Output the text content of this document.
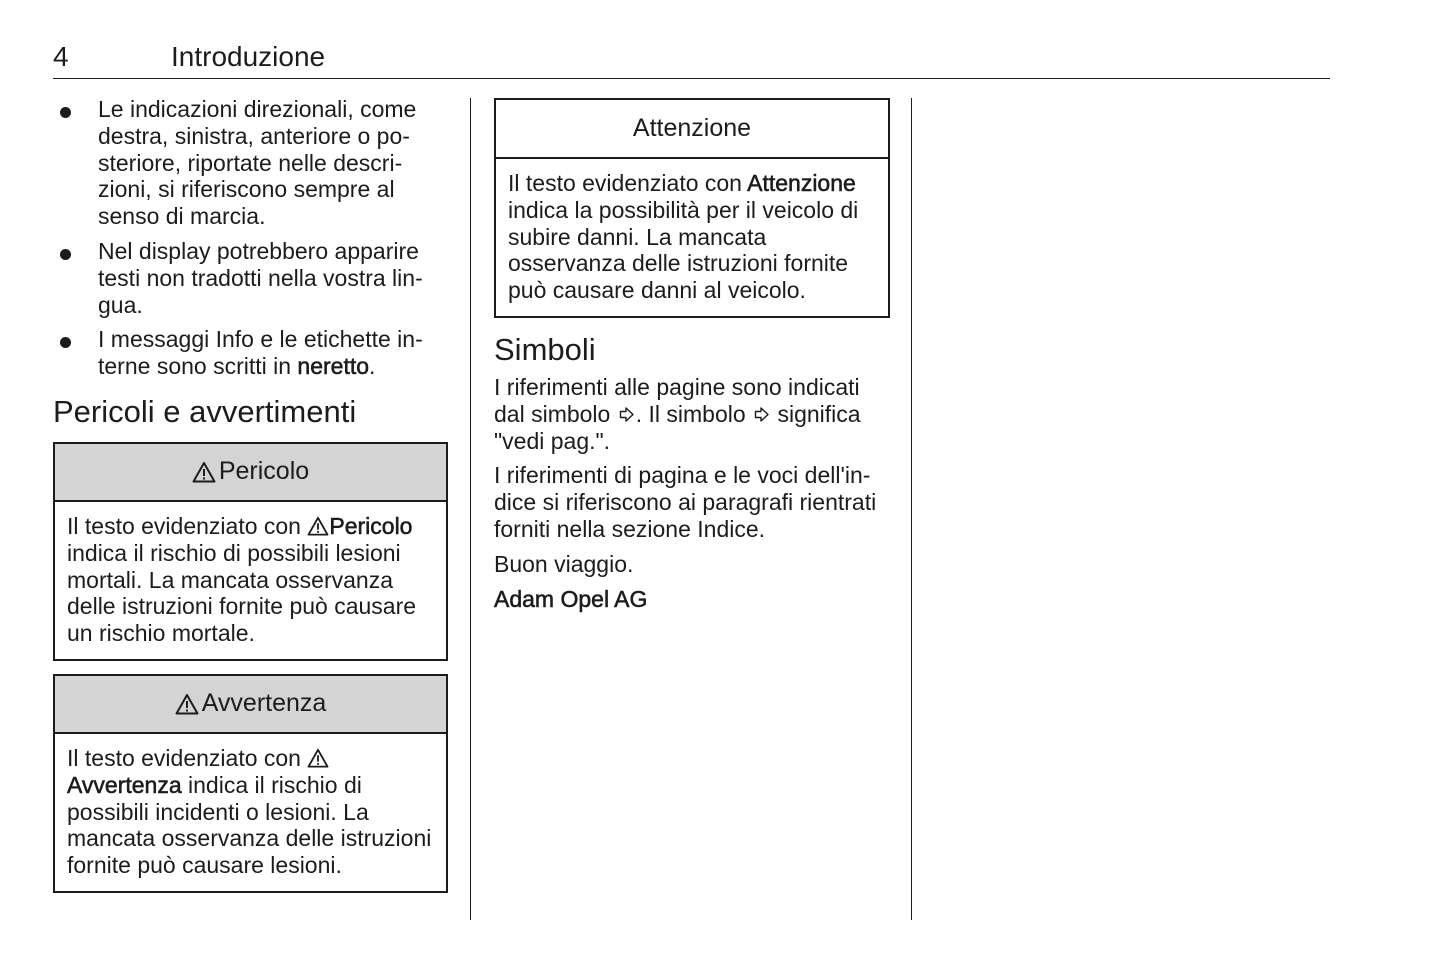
4	Introduzione
Le indicazioni direzionali, come destra, sinistra, anteriore o posteriore, riportate nelle descrizioni, si riferiscono sempre al senso di marcia.
Nel display potrebbero apparire testi non tradotti nella vostra lingua.
I messaggi Info e le etichette interne sono scritti in neretto.
Pericoli e avvertimenti
Pericolo

Il testo evidenziato con Pericolo indica il rischio di possibili lesioni mortali. La mancata osservanza delle istruzioni fornite può causare un rischio mortale.

Avvertenza

Il testo evidenziato con Avvertenza indica il rischio di possibili incidenti o lesioni. La mancata osservanza delle istruzioni fornite può causare lesioni.

Attenzione

Il testo evidenziato con Attenzione indica la possibilità per il veicolo di subire danni. La mancata osservanza delle istruzioni fornite può causare danni al veicolo.

Simboli

I riferimenti alle pagine sono indicati dal simbolo . Il simbolo  significa "vedi pag.".

I riferimenti di pagina e le voci dell'indice si riferiscono ai paragrafi rientrati forniti nella sezione Indice.

Buon viaggio.

Adam Opel AG
